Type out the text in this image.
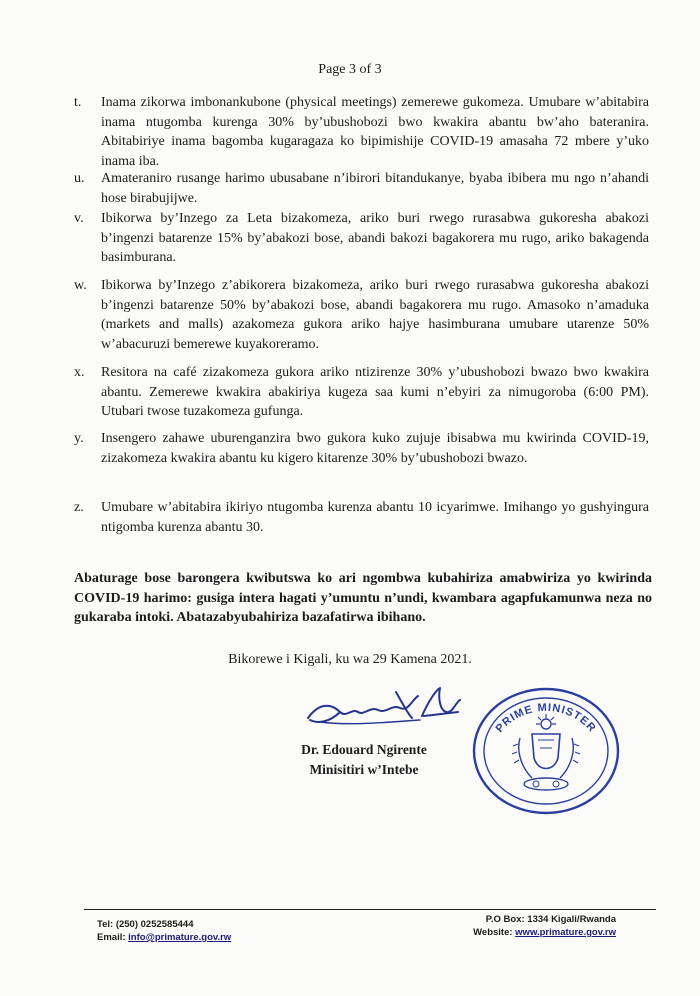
Page 3 of 3
t. Inama zikorwa imbonankubone (physical meetings) zemerewe gukomeza. Umubare w’abitabira inama ntugomba kurenga 30% by’ubushobozi bwo kwakira abantu bw’aho bateranira. Abitabiriye inama bagomba kugaragaza ko bipimishije COVID-19 amasaha 72 mbere y’uko inama iba.
u. Amateraniro rusange harimo ubusabane n’ibirori bitandukanye, byaba ibibera mu ngo n’ahandi hose birabujijwe.
v. Ibikorwa by’Inzego za Leta bizakomeza, ariko buri rwego rurasabwa gukoresha abakozi b’ingenzi batarenze 15% by’abakozi bose, abandi bakozi bagakorera mu rugo, ariko bakagenda basimburana.
w. Ibikorwa by’Inzego z’abikorera bizakomeza, ariko buri rwego rurasabwa gukoresha abakozi b’ingenzi batarenze 50% by’abakozi bose, abandi bagakorera mu rugo. Amasoko n’amaduka (markets and malls) azakomeza gukora ariko hajye hasimburana umubare utarenze 50% w’abacuruzi bemerewe kuyakoreramo.
x. Resitora na café zizakomeza gukora ariko ntizirenze 30% y’ubushobozi bwazo bwo kwakira abantu. Zemerewe kwakira abakiriya kugeza saa kumi n’ebyiri za nimugoroba (6:00 PM). Utubari twose tuzakomeza gufunga.
y. Insengero zahawe uburenganzira bwo gukora kuko zujuje ibisabwa mu kwirinda COVID-19, zizakomeza kwakira abantu ku kigero kitarenze 30% by’ubushobozi bwazo.
z. Umubare w’abitabira ikiriyo ntugomba kurenza abantu 10 icyarimwe. Imihango yo gushyingura ntigomba kurenza abantu 30.
Abaturage bose barongera kwibutswa ko ari ngombwa kubahiriza amabwiriza yo kwirinda COVID-19 harimo: gusiga intera hagati y’umuntu n’undi, kwambara agapfukamunwa neza no gukaraba intoki. Abatazabyubahiriza bazafatirwa ibihano.
Bikorewe i Kigali, ku wa 29 Kamena 2021.
Dr. Edouard Ngirente
Minisitiri w’Intebe
PRIME MINISTER
Tel: (250) 0252585444
Email: info@primature.gov.rw
P.O Box: 1334 Kigali/Rwanda
Website: www.primature.gov.rw
